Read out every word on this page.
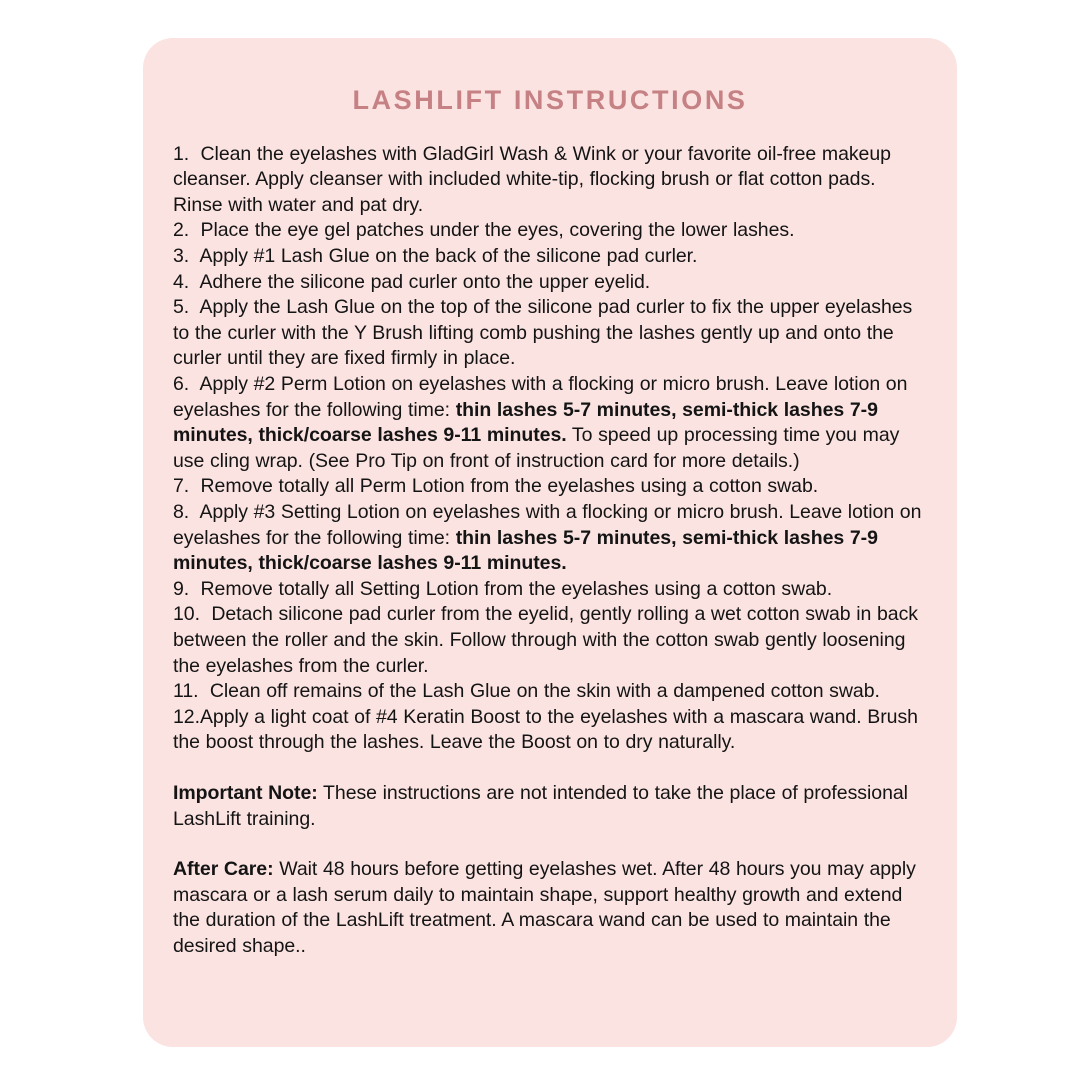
LASHLIFT INSTRUCTIONS
1. Clean the eyelashes with GladGirl Wash & Wink or your favorite oil-free makeup cleanser. Apply cleanser with included white-tip, flocking brush or flat cotton pads. Rinse with water and pat dry.
2. Place the eye gel patches under the eyes, covering the lower lashes.
3. Apply #1 Lash Glue on the back of the silicone pad curler.
4. Adhere the silicone pad curler onto the upper eyelid.
5. Apply the Lash Glue on the top of the silicone pad curler to fix the upper eyelashes to the curler with the Y Brush lifting comb pushing the lashes gently up and onto the curler until they are fixed firmly in place.
6. Apply #2 Perm Lotion on eyelashes with a flocking or micro brush. Leave lotion on eyelashes for the following time: thin lashes 5-7 minutes, semi-thick lashes 7-9 minutes, thick/coarse lashes 9-11 minutes. To speed up processing time you may use cling wrap. (See Pro Tip on front of instruction card for more details.)
7. Remove totally all Perm Lotion from the eyelashes using a cotton swab.
8. Apply #3 Setting Lotion on eyelashes with a flocking or micro brush. Leave lotion on eyelashes for the following time: thin lashes 5-7 minutes, semi-thick lashes 7-9 minutes, thick/coarse lashes 9-11 minutes.
9. Remove totally all Setting Lotion from the eyelashes using a cotton swab.
10. Detach silicone pad curler from the eyelid, gently rolling a wet cotton swab in back between the roller and the skin. Follow through with the cotton swab gently loosening the eyelashes from the curler.
11. Clean off remains of the Lash Glue on the skin with a dampened cotton swab.
12.Apply a light coat of #4 Keratin Boost to the eyelashes with a mascara wand. Brush the boost through the lashes. Leave the Boost on to dry naturally.

Important Note: These instructions are not intended to take the place of professional LashLift training.

After Care: Wait 48 hours before getting eyelashes wet. After 48 hours you may apply mascara or a lash serum daily to maintain shape, support healthy growth and extend the duration of the LashLift treatment. A mascara wand can be used to maintain the desired shape..
